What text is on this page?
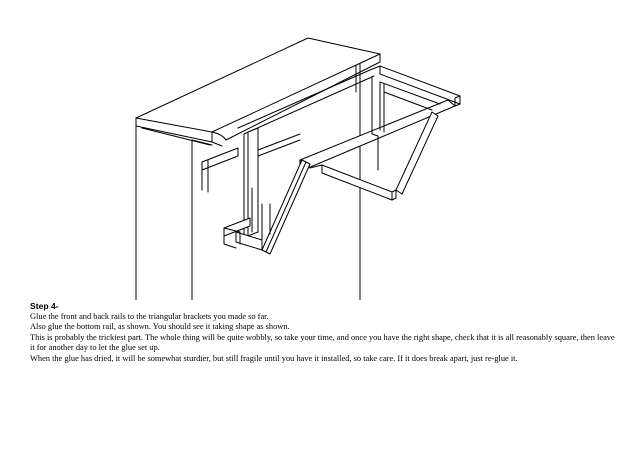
Step 4-

Glue the front and back rails to the triangular brackets you made so far.

Also glue the bottom rail, as shown. You should see it taking shape as shown.

This is probably the trickiest part. The whole thing will be quite wobbly, so take your time, and once you have the right shape, check that it is all reasonably square, then leave it for another day to let the glue set up.

When the glue has dried, it will be somewhat sturdier, but still fragile until you have it installed, so take care. If it does break apart, just re-glue it.
